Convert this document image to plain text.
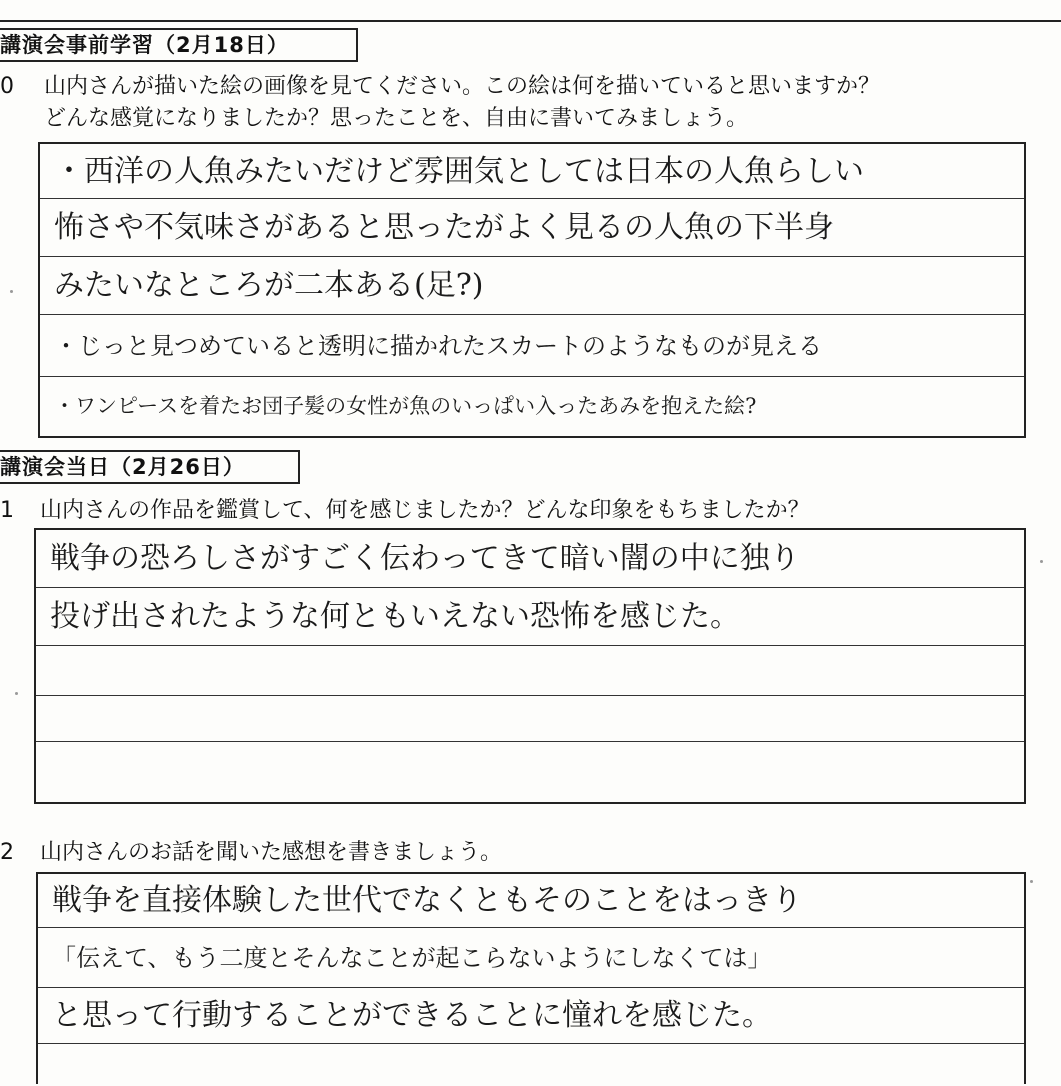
講演会事前学習（2月18日）
0 山内さんが描いた絵の画像を見てください。この絵は何を描いていると思いますか？
どんな感覚になりましたか？思ったことを、自由に書いてみましょう。
・西洋の人魚みたいだけど雰囲気としては日本の人魚らしい
怖さや不気味さがあると思ったがよく見るの人魚の下半身
みたいなところが二本ある(足?)
・じっと見つめていると透明に描かれたスカートのようなものが見える
・ワンピースを着たお団子髪の女性が魚のいっぱい入ったあみを抱えた絵?
講演会当日（2月26日）
1 山内さんの作品を鑑賞して、何を感じましたか？どんな印象をもちましたか？
戦争の恐ろしさがすごく伝わってきて暗い闇の中に独り
投げ出されたような何ともいえない恐怖を感じた。
2 山内さんのお話を聞いた感想を書きましょう。
戦争を直接体験した世代でなくともそのことをはっきり
「伝えて、もう二度とそんなことが起こらないようにしなくては」
と思って行動することができることに憧れを感じた。
